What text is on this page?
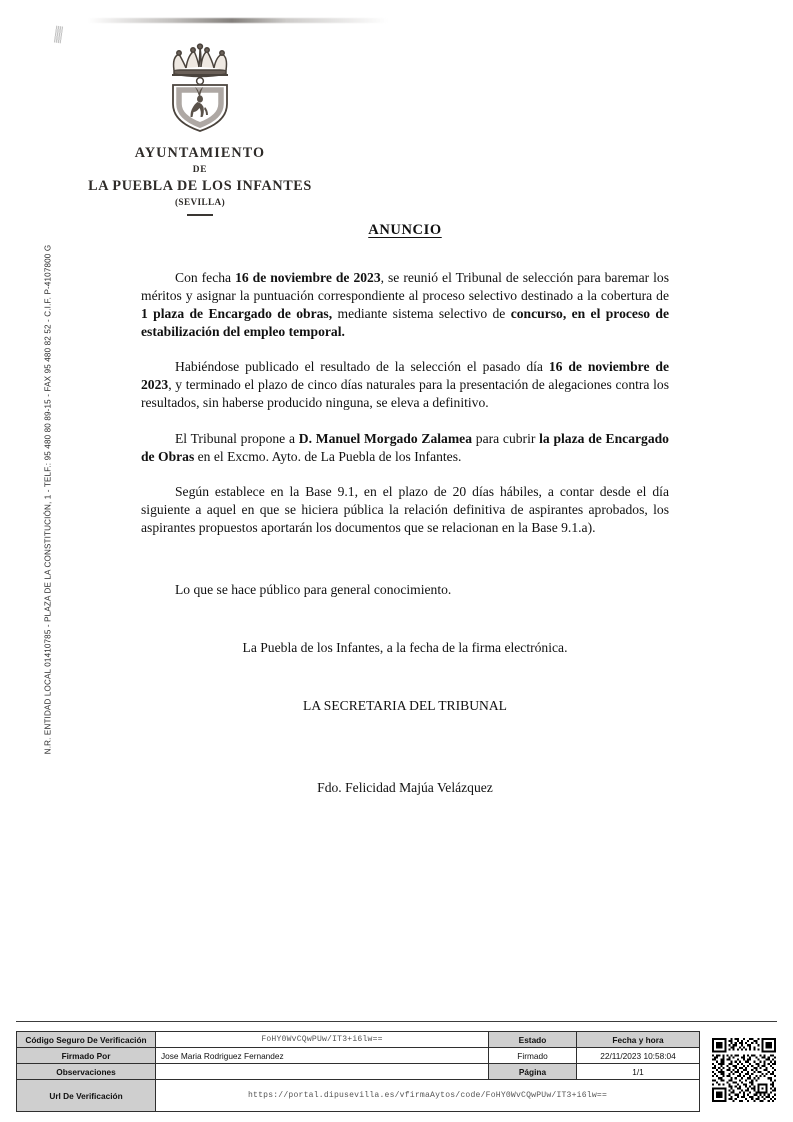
N.R. ENTIDAD LOCAL 01410785 - PLAZA DE LA CONSTITUCIÓN, 1 - TELF.: 95 480 80 89-15 - FAX 95 480 82 52 - C.I.F. P-4107800 G
AYUNTAMIENTO
DE
LA PUEBLA DE LOS INFANTES
(SEVILLA)
ANUNCIO

Con fecha 16 de noviembre de 2023, se reunió el Tribunal de selección para baremar los méritos y asignar la puntuación correspondiente al proceso selectivo destinado a la cobertura de 1 plaza de Encargado de obras, mediante sistema selectivo de concurso, en el proceso de estabilización del empleo temporal.

Habiéndose publicado el resultado de la selección el pasado día 16 de noviembre de 2023, y terminado el plazo de cinco días naturales para la presentación de alegaciones contra los resultados, sin haberse producido ninguna, se eleva a definitivo.

El Tribunal propone a D. Manuel Morgado Zalamea para cubrir la plaza de Encargado de Obras en el Excmo. Ayto. de La Puebla de los Infantes.

Según establece en la Base 9.1, en el plazo de 20 días hábiles, a contar desde el día siguiente a aquel en que se hiciera pública la relación definitiva de aspirantes aprobados, los aspirantes propuestos aportarán los documentos que se relacionan en la Base 9.1.a).

Lo que se hace público para general conocimiento.

La Puebla de los Infantes, a la fecha de la firma electrónica.
LA SECRETARIA DEL TRIBUNAL
Fdo. Felicidad Majúa Velázquez
Código Seguro De Verificación	FoHY0WvCQwPUw/IT3+i6lw==	Estado	Fecha y hora
Firmado Por	Jose Maria Rodriguez Fernandez	Firmado	22/11/2023 10:58:04
Observaciones		Página	1/1
Url De Verificación	https://portal.dipusevilla.es/vfirmaAytos/code/FoHY0WvCQwPUw/IT3+i6lw==		
